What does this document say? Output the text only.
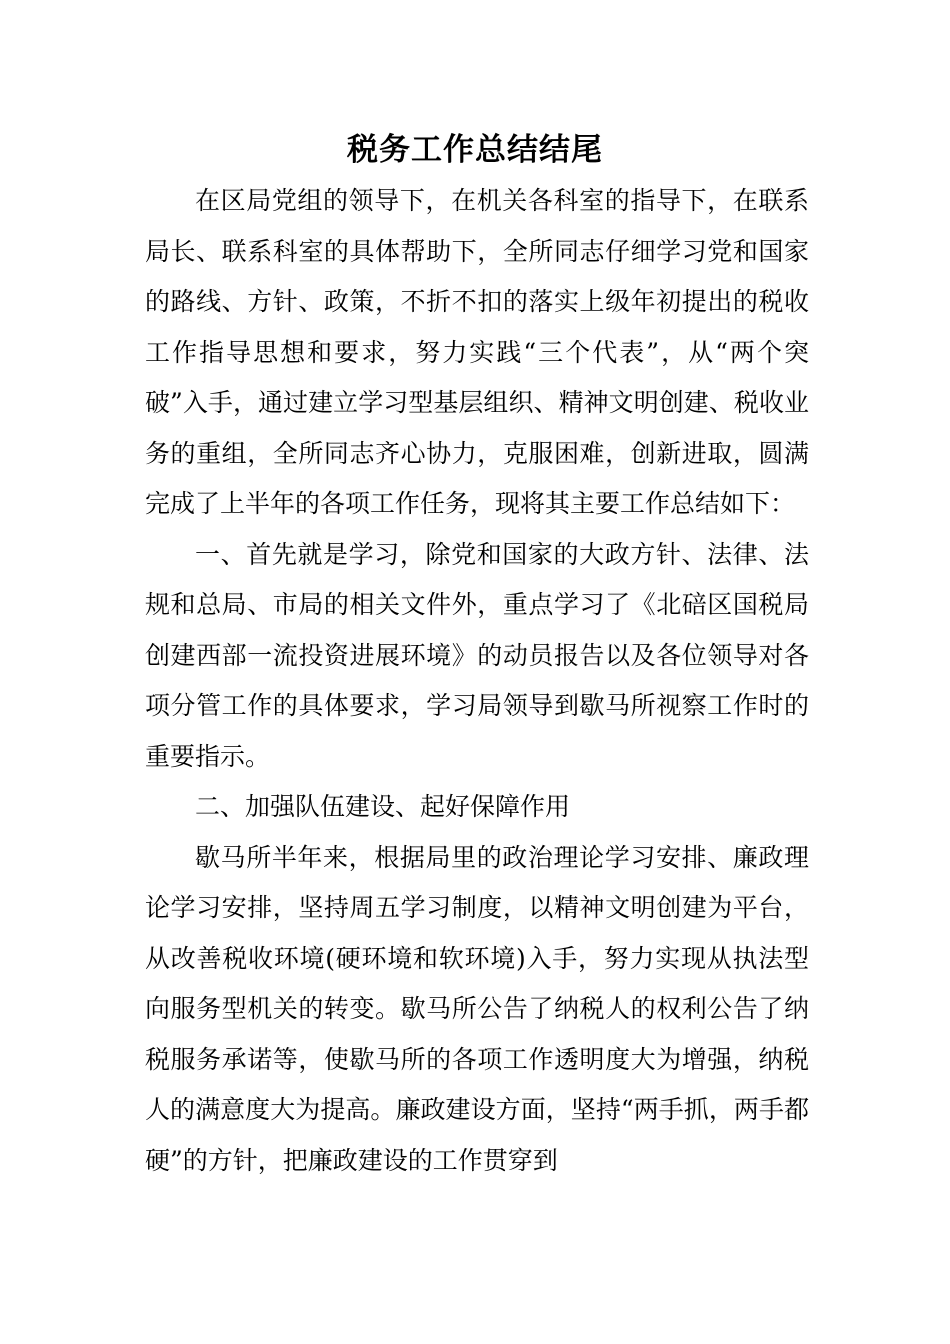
税务工作总结结尾

在区局党组的领导下，在机关各科室的指导下，在联系局长、联系科室的具体帮助下，全所同志仔细学习党和国家的路线、方针、政策，不折不扣的落实上级年初提出的税收工作指导思想和要求，努力实践“三个代表”，从“两个突破”入手，通过建立学习型基层组织、精神文明创建、税收业务的重组，全所同志齐心协力，克服困难，创新进取，圆满完成了上半年的各项工作任务，现将其主要工作总结如下：

一、首先就是学习，除党和国家的大政方针、法律、法规和总局、市局的相关文件外，重点学习了《北碚区国税局创建西部一流投资进展环境》的动员报告以及各位领导对各项分管工作的具体要求，学习局领导到歇马所视察工作时的重要指示。

二、加强队伍建设、起好保障作用

歇马所半年来，根据局里的政治理论学习安排、廉政理论学习安排，坚持周五学习制度，以精神文明创建为平台，从改善税收环境(硬环境和软环境)入手，努力实现从执法型向服务型机关的转变。歇马所公告了纳税人的权利公告了纳税服务承诺等，使歇马所的各项工作透明度大为增强，纳税人的满意度大为提高。廉政建设方面，坚持“两手抓，两手都硬”的方针，把廉政建设的工作贯穿到
